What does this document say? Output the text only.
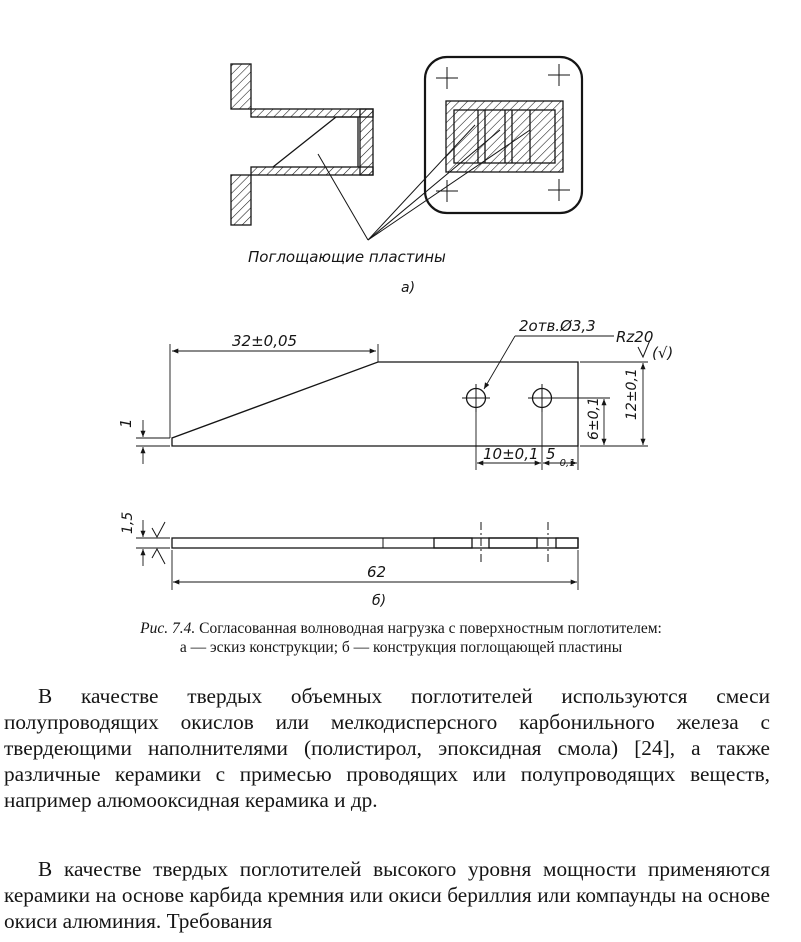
Поглощающие пластины
а)
32±0,05
2отв.Ø3,3
Rz20
(√)
1	6±0,1 12±0,1
10±0,1 5
-0,1
1,5
62
б)
Рис. 7.4. Согласованная волноводная нагрузка с поверхностным поглотителем:
а — эскиз конструкции; б — конструкция поглощающей пластины

В качестве твердых объемных поглотителей используются смеси полупроводящих окислов или мелкодисперсного карбонильного железа с твердеющими наполнителями (полистирол, эпоксидная смола) [24], а также различные керамики с примесью проводящих или полупроводящих веществ, например алюмооксидная керамика и др.

В качестве твердых поглотителей высокого уровня мощности применяются керамики на основе карбида кремния или окиси бериллия или компаунды на основе окиси алюминия. Требования
